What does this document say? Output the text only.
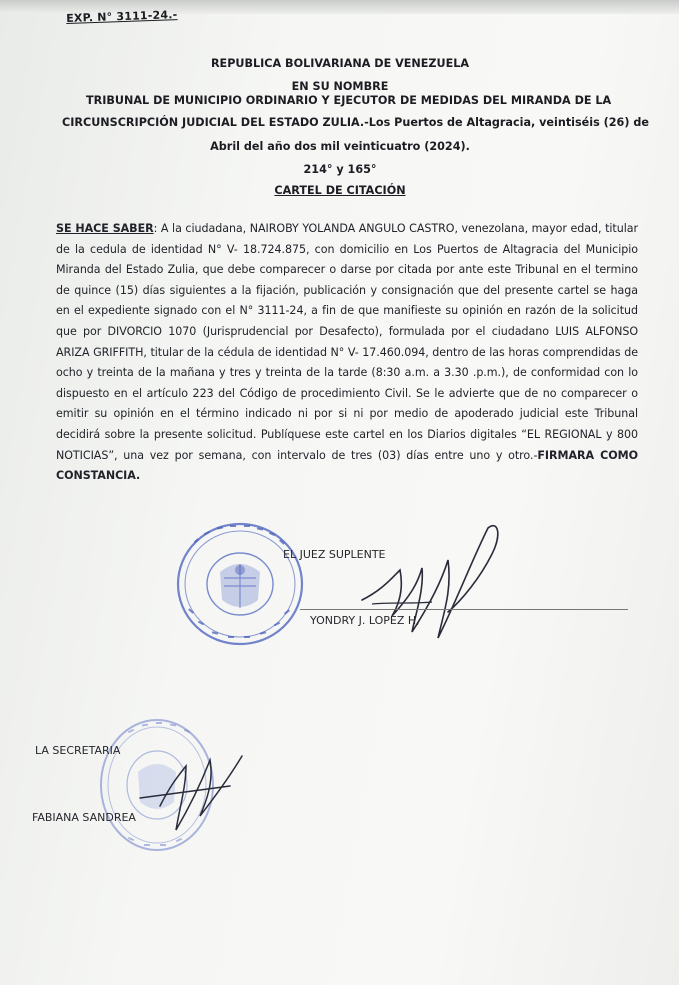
EXP. N° 3111-24.-
REPUBLICA BOLIVARIANA DE VENEZUELA
EN SU NOMBRE
TRIBUNAL DE MUNICIPIO ORDINARIO Y EJECUTOR DE MEDIDAS DEL MIRANDA DE LA
CIRCUNSCRIPCIÓN JUDICIAL DEL ESTADO ZULIA.-Los Puertos de Altagracia, veintiséis (26) de
Abril del año dos mil veinticuatro (2024).
214° y 165°
CARTEL DE CITACIÓN
SE HACE SABER: A la ciudadana, NAIROBY YOLANDA ANGULO CASTRO, venezolana, mayor edad, titular de la cedula de identidad N° V- 18.724.875, con domicilio en Los Puertos de Altagracia del Municipio Miranda del Estado Zulia, que debe comparecer o darse por citada por ante este Tribunal en el termino de quince (15) días siguientes a la fijación, publicación y consignación que del presente cartel se haga en el expediente signado con el N° 3111-24, a fin de que manifieste su opinión en razón de la solicitud que por DIVORCIO 1070 (Jurisprudencial por Desafecto), formulada por el ciudadano LUIS ALFONSO ARIZA GRIFFITH, titular de la cédula de identidad N° V- 17.460.094, dentro de las horas comprendidas de ocho y treinta de la mañana y tres y treinta de la tarde (8:30 a.m. a 3.30 .p.m.), de conformidad con lo dispuesto en el artículo 223 del Código de procedimiento Civil. Se le advierte que de no comparecer o emitir su opinión en el término indicado ni por si ni por medio de apoderado judicial este Tribunal decidirá sobre la presente solicitud. Publíquese este cartel en los Diarios digitales “EL REGIONAL y 800 NOTICIAS”, una vez por semana, con intervalo de tres (03) días entre uno y otro.-FIRMARA COMO CONSTANCIA.
EL JUEZ SUPLENTE
YONDRY J. LOPEZ H,
LA SECRETARIA
FABIANA SANDREA
